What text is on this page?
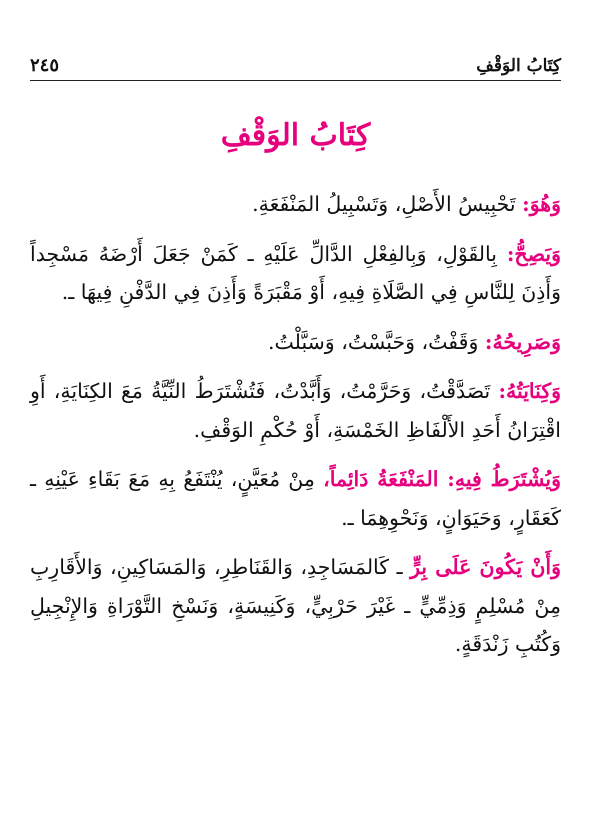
٢٤٥	كِتَابُ الوَقْفِ
كِتَابُ الوَقْفِ

وَهُوَ: تَحْبِيسُ الأَصْلِ، وَتَسْبِيلُ المَنْفَعَةِ.

وَيَصِحُّ: بِالقَوْلِ، وَبِالفِعْلِ الدَّالِّ عَلَيْهِ ـ كَمَنْ جَعَلَ أَرْضَهُ مَسْجِداً وَأَذِنَ لِلنَّاسِ فِي الصَّلَاةِ فِيهِ، أَوْ مَقْبَرَةً وَأَذِنَ فِي الدَّفْنِ فِيهَا ـ.

وَصَرِيحُهُ: وَقَفْتُ، وَحَبَّسْتُ، وَسَبَّلْتُ.

وَكِنَايَتُهُ: تَصَدَّقْتُ، وَحَرَّمْتُ، وَأَبَّدْتُ، فَتُشْتَرَطُ النِّيَّةُ مَعَ الكِنَايَةِ، أَوِ اقْتِرَانُ أَحَدِ الأَلْفَاظِ الخَمْسَةِ، أَوْ حُكْمِ الوَقْفِ.

وَيُشْتَرَطُ فِيهِ: المَنْفَعَةُ دَائِماً، مِنْ مُعَيَّنٍ، يُنْتَفَعُ بِهِ مَعَ بَقَاءِ عَيْنِهِ ـ كَعَقَارٍ، وَحَيَوَانٍ، وَنَحْوِهِمَا ـ.

وَأَنْ يَكُونَ عَلَى بِرٍّ ـ كَالمَسَاجِدِ، وَالقَنَاطِرِ، وَالمَسَاكِينِ، وَالأَقَارِبِ مِنْ مُسْلِمٍ وَذِمِّيٍّ ـ غَيْرَ حَرْبِيٍّ، وَكَنِيسَةٍ، وَنَسْخِ التَّوْرَاةِ وَالإِنْجِيلِ وَكُتُبِ زَنْدَقَةٍ.
